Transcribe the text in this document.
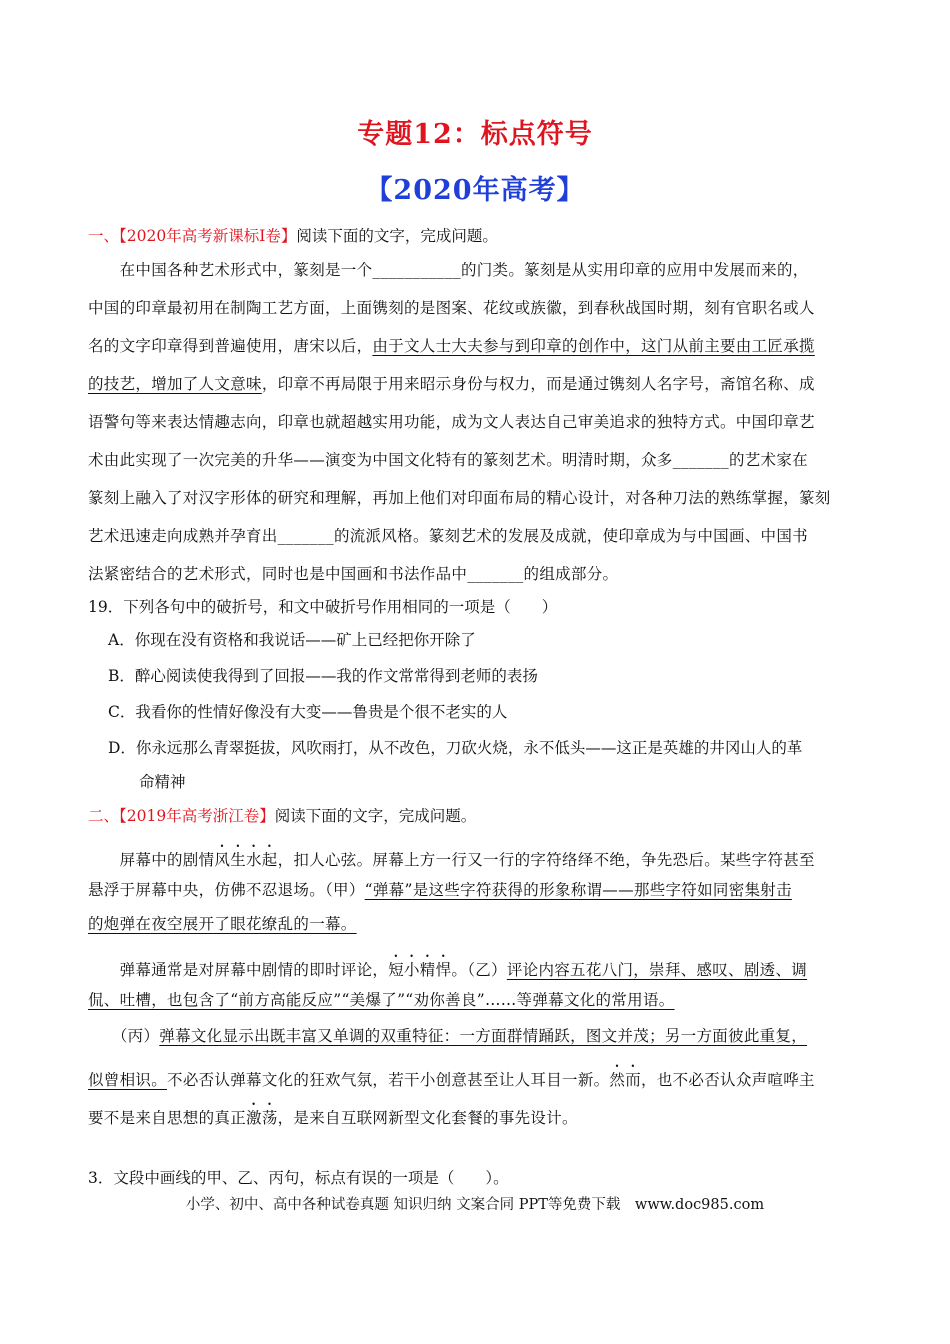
专题12：标点符号
【2020年高考】
一、【2020年高考新课标I卷】阅读下面的文字，完成问题。
　　在中国各种艺术形式中，篆刻是一个___________的门类。篆刻是从实用印章的应用中发展而来的，
中国的印章最初用在制陶工艺方面，上面镌刻的是图案、花纹或族徽，到春秋战国时期，刻有官职名或人
名的文字印章得到普遍使用，唐宋以后，由于文人士大夫参与到印章的创作中，这门从前主要由工匠承揽
的技艺，增加了人文意味，印章不再局限于用来昭示身份与权力，而是通过镌刻人名字号，斋馆名称、成
语警句等来表达情趣志向，印章也就超越实用功能，成为文人表达自己审美追求的独特方式。中国印章艺
术由此实现了一次完美的升华——演变为中国文化特有的篆刻艺术。明清时期，众多_______的艺术家在
篆刻上融入了对汉字形体的研究和理解，再加上他们对印面布局的精心设计，对各种刀法的熟练掌握，篆刻
艺术迅速走向成熟并孕育出_______的流派风格。篆刻艺术的发展及成就，使印章成为与中国画、中国书
法紧密结合的艺术形式，同时也是中国画和书法作品中_______的组成部分。
19．下列各句中的破折号，和文中破折号作用相同的一项是（　　）
A．你现在没有资格和我说话——矿上已经把你开除了
B．醉心阅读使我得到了回报——我的作文常常得到老师的表扬
C．我看你的性情好像没有大变——鲁贵是个很不老实的人
D．你永远那么青翠挺拔，风吹雨打，从不改色，刀砍火烧，永不低头——这正是英雄的井冈山人的革
　　命精神
二、【2019年高考浙江卷】阅读下面的文字，完成问题。
　　屏幕中的剧情风生水起，扣人心弦。屏幕上方一行又一行的字符络绎不绝，争先恐后。某些字符甚至
悬浮于屏幕中央，仿佛不忍退场。（甲）“弹幕”是这些字符获得的形象称谓——那些字符如同密集射击
的炮弹在夜空展开了眼花缭乱的一幕。
　　弹幕通常是对屏幕中剧情的即时评论，短小精悍。（乙）评论内容五花八门，崇拜、感叹、剧透、调
侃、吐槽，也包含了“前方高能反应”“美爆了”“劝你善良”……等弹幕文化的常用语。
　　（丙）弹幕文化显示出既丰富又单调的双重特征：一方面群情踊跃，图文并茂；另一方面彼此重复，
似曾相识。不必否认弹幕文化的狂欢气氛，若干小创意甚至让人耳目一新。然而，也不必否认众声喧哗主
要不是来自思想的真正激荡，是来自互联网新型文化套餐的事先设计。
3．文段中画线的甲、乙、丙句，标点有误的一项是（　　）。
小学、初中、高中各种试卷真题 知识归纳 文案合同 PPT等免费下载　www.doc985.com
